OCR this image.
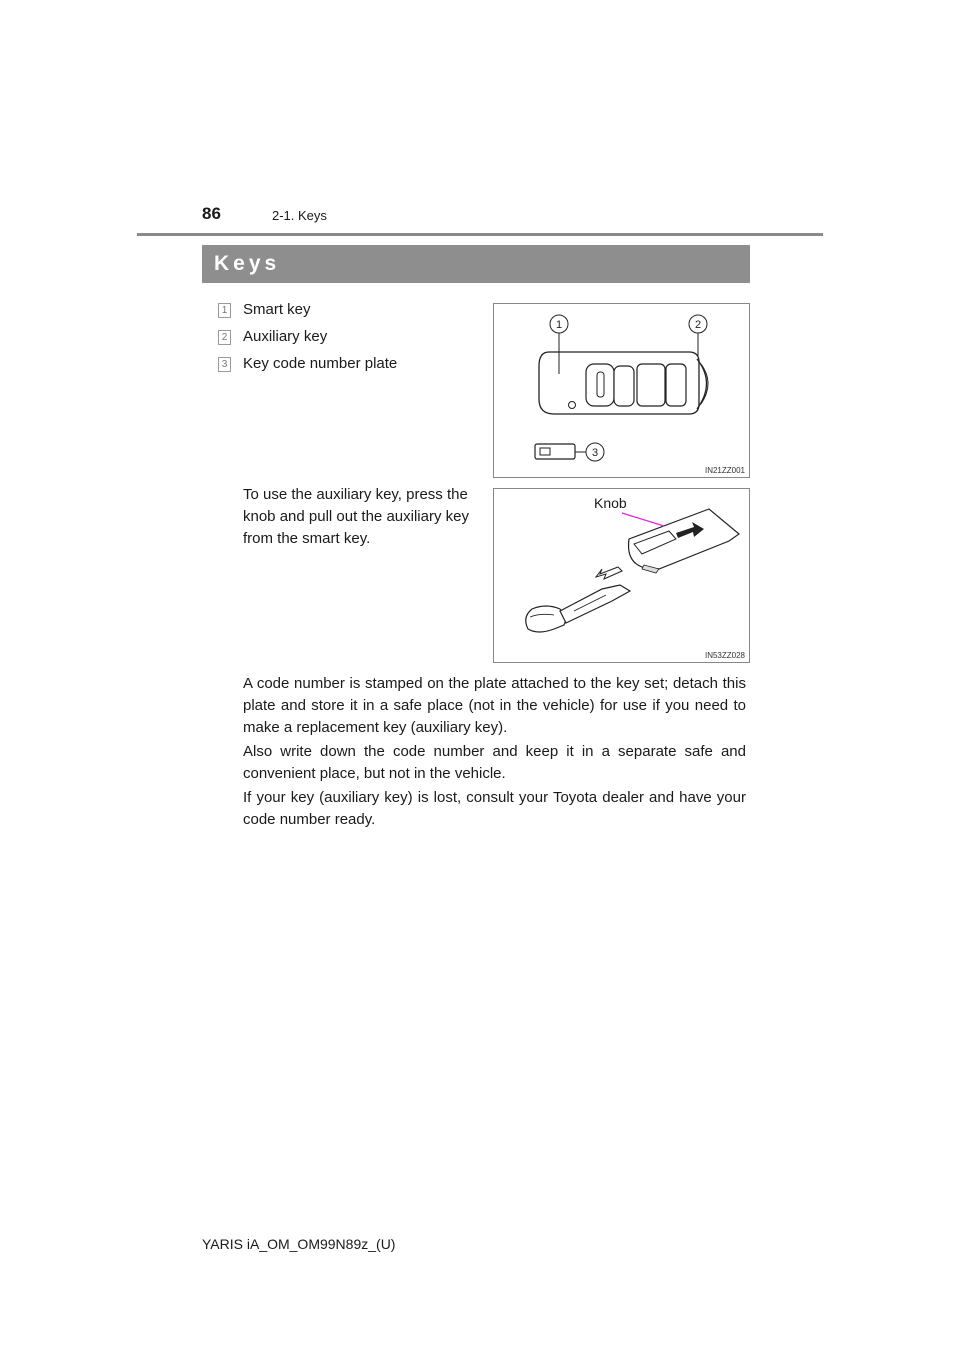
86	2-1. Keys
Keys
1 Smart key
2 Auxiliary key
3 Key code number plate
1	2
3
IN21ZZ001
Knob
IN53ZZ028
To use the auxiliary key, press the knob and pull out the auxiliary key from the smart key.
A code number is stamped on the plate attached to the key set; detach this plate and store it in a safe place (not in the vehicle) for use if you need to make a replacement key (auxiliary key).
Also write down the code number and keep it in a separate safe and convenient place, but not in the vehicle.
If your key (auxiliary key) is lost, consult your Toyota dealer and have your code number ready.
YARIS iA_OM_OM99N89z_(U)
